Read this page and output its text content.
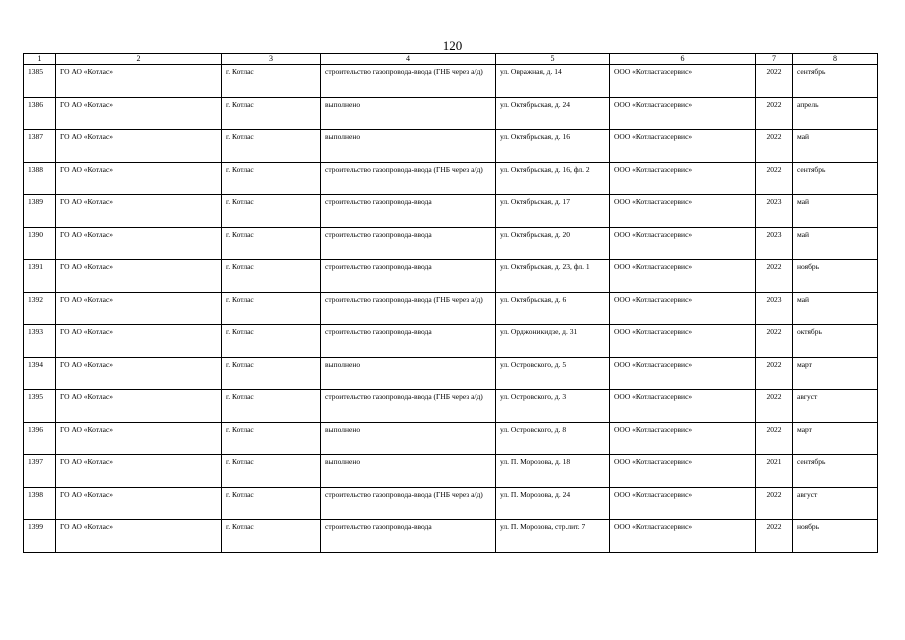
120
1	2	3	4	5	6	7	8
1385	ГО АО «Котлас»	г. Котлас	строительство газопровода-ввода (ГНБ через а/д)	ул. Овражная, д. 14	ООО «Котласгазсервис»	2022	сентябрь
1386	ГО АО «Котлас»	г. Котлас	выполнено	ул. Октябрьская, д. 24	ООО «Котласгазсервис»	2022	апрель
1387	ГО АО «Котлас»	г. Котлас	выполнено	ул. Октябрьская, д. 16	ООО «Котласгазсервис»	2022	май
1388	ГО АО «Котлас»	г. Котлас	строительство газопровода-ввода (ГНБ через а/д)	ул. Октябрьская, д. 16, фл. 2	ООО «Котласгазсервис»	2022	сентябрь
1389	ГО АО «Котлас»	г. Котлас	строительство газопровода-ввода	ул. Октябрьская, д. 17	ООО «Котласгазсервис»	2023	май
1390	ГО АО «Котлас»	г. Котлас	строительство газопровода-ввода	ул. Октябрьская, д. 20	ООО «Котласгазсервис»	2023	май
1391	ГО АО «Котлас»	г. Котлас	строительство газопровода-ввода	ул. Октябрьская, д. 23, фл. 1	ООО «Котласгазсервис»	2022	ноябрь
1392	ГО АО «Котлас»	г. Котлас	строительство газопровода-ввода (ГНБ через а/д)	ул. Октябрьская, д. 6	ООО «Котласгазсервис»	2023	май
1393	ГО АО «Котлас»	г. Котлас	строительство газопровода-ввода	ул. Орджоникидзе, д. 31	ООО «Котласгазсервис»	2022	октябрь
1394	ГО АО «Котлас»	г. Котлас	выполнено	ул. Островского, д. 5	ООО «Котласгазсервис»	2022	март
1395	ГО АО «Котлас»	г. Котлас	строительство газопровода-ввода (ГНБ через а/д)	ул. Островского, д. 3	ООО «Котласгазсервис»	2022	август
1396	ГО АО «Котлас»	г. Котлас	выполнено	ул. Островского, д. 8	ООО «Котласгазсервис»	2022	март
1397	ГО АО «Котлас»	г. Котлас	выполнено	ул. П. Морозова, д. 18	ООО «Котласгазсервис»	2021	сентябрь
1398	ГО АО «Котлас»	г. Котлас	строительство газопровода-ввода (ГНБ через а/д)	ул. П. Морозова, д. 24	ООО «Котласгазсервис»	2022	август
1399	ГО АО «Котлас»	г. Котлас	строительство газопровода-ввода	ул. П. Морозова, стр.лит. 7	ООО «Котласгазсервис»	2022	ноябрь
